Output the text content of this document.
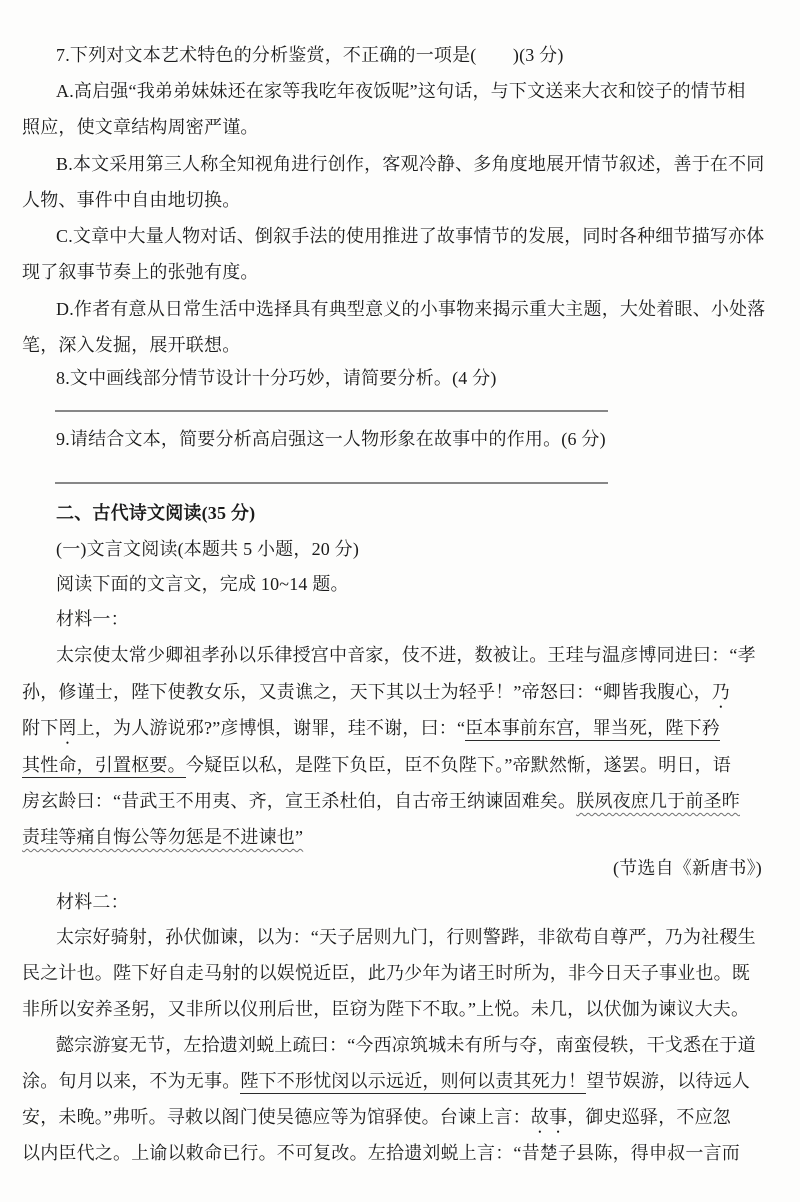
7.下列对文本艺术特色的分析鉴赏，不正确的一项是(　　)(3 分)
A.高启强“我弟弟妹妹还在家等我吃年夜饭呢”这句话，与下文送来大衣和饺子的情节相
照应，使文章结构周密严谨。
B.本文采用第三人称全知视角进行创作，客观冷静、多角度地展开情节叙述，善于在不同
人物、事件中自由地切换。
C.文章中大量人物对话、倒叙手法的使用推进了故事情节的发展，同时各种细节描写亦体
现了叙事节奏上的张弛有度。
D.作者有意从日常生活中选择具有典型意义的小事物来揭示重大主题，大处着眼、小处落
笔，深入发掘，展开联想。
8.文中画线部分情节设计十分巧妙，请简要分析。(4 分)
9.请结合文本，简要分析高启强这一人物形象在故事中的作用。(6 分)
二、古代诗文阅读(35 分)
(一)文言文阅读(本题共 5 小题，20 分)
阅读下面的文言文，完成 10~14 题。
材料一：
太宗使太常少卿祖孝孙以乐律授宫中音家，伎不进，数被让。王珪与温彦博同进曰：“孝
孙，修谨士，陛下使教女乐，又责谯之，天下其以士为轻乎！”帝怒曰：“卿皆我腹心，乃
附下罔上，为人游说邪?”彦博惧，谢罪，珪不谢，曰：“臣本事前东宫，罪当死，陛下矜
其性命，引置枢要。今疑臣以私，是陛下负臣，臣不负陛下。”帝默然惭，遂罢。明日，语
房玄龄曰：“昔武王不用夷、齐，宣王杀杜伯，自古帝王纳谏固难矣。朕夙夜庶几于前圣昨
责珪等痛自悔公等勿惩是不进谏也”
(节选自《新唐书》)
材料二：
太宗好骑射，孙伏伽谏，以为：“天子居则九门，行则警跸，非欲苟自尊严，乃为社稷生
民之计也。陛下好自走马射的以娱悦近臣，此乃少年为诸王时所为，非今日天子事业也。既
非所以安养圣躬，又非所以仪刑后世，臣窃为陛下不取。”上悦。未几，以伏伽为谏议大夫。
懿宗游宴无节，左拾遗刘蜕上疏曰：“今西凉筑城未有所与夺，南蛮侵轶，干戈悉在于道
涂。旬月以来，不为无事。陛下不形忧闵以示远近，则何以责其死力！望节娱游，以待远人
安，未晚。”弗听。寻敕以阁门使吴德应等为馆驿使。台谏上言：故事，御史巡驿，不应忽
以内臣代之。上谕以敕命已行。不可复改。左拾遗刘蜕上言：“昔楚子县陈，得申叔一言而
